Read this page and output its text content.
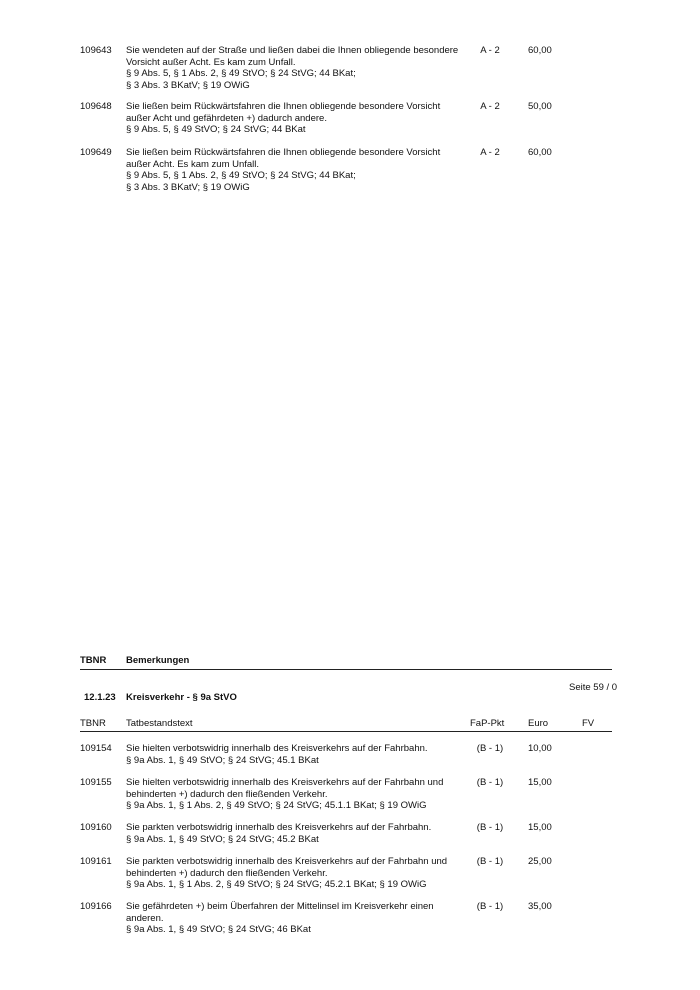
109643 Sie wendeten auf der Straße und ließen dabei die Ihnen obliegende besondere
Vorsicht außer Acht. Es kam zum Unfall.
§ 9 Abs. 5, § 1 Abs. 2, § 49 StVO; § 24 StVG; 44 BKat;
§ 3 Abs. 3 BKatV; § 19 OWiG
A - 2	60,00
109648 Sie ließen beim Rückwärtsfahren die Ihnen obliegende besondere Vorsicht
außer Acht und gefährdeten +) dadurch andere.
§ 9 Abs. 5, § 49 StVO; § 24 StVG; 44 BKat
A - 2	50,00
109649 Sie ließen beim Rückwärtsfahren die Ihnen obliegende besondere Vorsicht
außer Acht. Es kam zum Unfall.
§ 9 Abs. 5, § 1 Abs. 2, § 49 StVO; § 24 StVG; 44 BKat;
§ 3 Abs. 3 BKatV; § 19 OWiG
A - 2	60,00
TBNR Bemerkungen
Seite 59 / 0
12.1.23 Kreisverkehr - § 9a StVO
TBNR Tatbestandstext	FaP-Pkt Euro	FV
109154 Sie hielten verbotswidrig innerhalb des Kreisverkehrs auf der Fahrbahn.
§ 9a Abs. 1, § 49 StVO; § 24 StVG; 45.1 BKat
(B - 1)	10,00
109155 Sie hielten verbotswidrig innerhalb des Kreisverkehrs auf der Fahrbahn und
behinderten +) dadurch den fließenden Verkehr.
§ 9a Abs. 1, § 1 Abs. 2, § 49 StVO; § 24 StVG; 45.1.1 BKat; § 19 OWiG
(B - 1)	15,00
109160 Sie parkten verbotswidrig innerhalb des Kreisverkehrs auf der Fahrbahn.
§ 9a Abs. 1, § 49 StVO; § 24 StVG; 45.2 BKat
(B - 1)	15,00
109161 Sie parkten verbotswidrig innerhalb des Kreisverkehrs auf der Fahrbahn und
behinderten +) dadurch den fließenden Verkehr.
§ 9a Abs. 1, § 1 Abs. 2, § 49 StVO; § 24 StVG; 45.2.1 BKat; § 19 OWiG
(B - 1)	25,00
109166 Sie gefährdeten +) beim Überfahren der Mittelinsel im Kreisverkehr einen
anderen.
§ 9a Abs. 1, § 49 StVO; § 24 StVG; 46 BKat
(B - 1)	35,00
